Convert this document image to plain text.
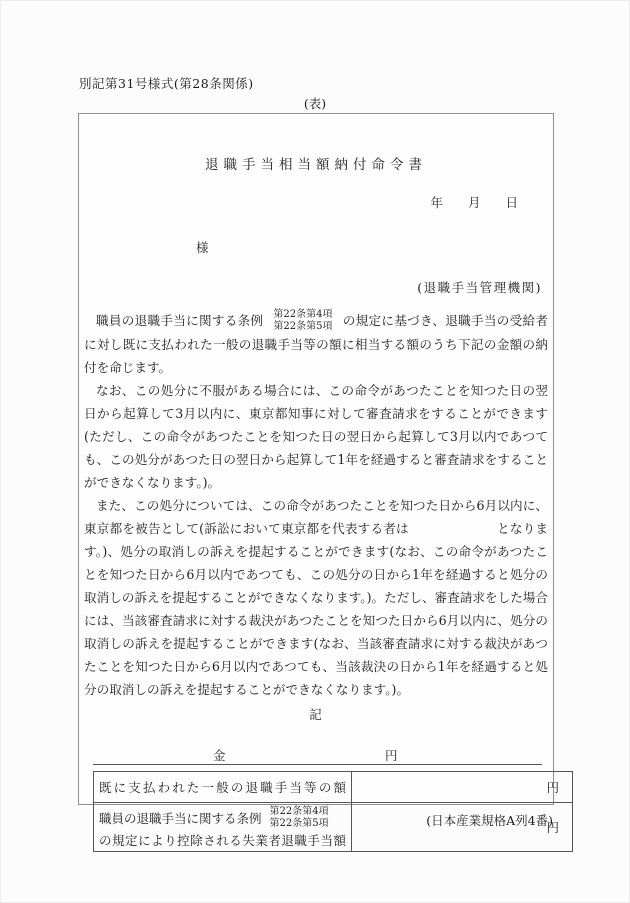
別記第31号様式(第28条関係)
(表)
退職手当相当額納付命令書
年　　月　　日
様
(退職手当管理機関)

職員の退職手当に関する条例 第22条第4項
第22条第5項 の規定に基づき、退職手当の受給者に対し既に支払われた一般の退職手当等の額に相当する額のうち下記の金額の納付を命じます。

なお、この処分に不服がある場合には、この命令があつたことを知つた日の翌日から起算して3月以内に、東京都知事に対して審査請求をすることができます(ただし、この命令があつたことを知つた日の翌日から起算して3月以内であつても、この処分があつた日の翌日から起算して1年を経過すると審査請求をすることができなくなります。)。

また、この処分については、この命令があつたことを知つた日から6月以内に、東京都を被告として(訴訟において東京都を代表する者は	となります。)、処分の取消しの訴えを提起することができます(なお、この命令があつたことを知つた日から6月以内であつても、この処分の日から1年を経過すると処分の取消しの訴えを提起することができなくなります。)。ただし、審査請求をした場合には、当該審査請求に対する裁決があつたことを知つた日から6月以内に、処分の取消しの訴えを提起することができます(なお、当該審査請求に対する裁決があつたことを知つた日から6月以内であつても、当該裁決の日から1年を経過すると処分の取消しの訴えを提起することができなくなります。)。

記
金	円
既に支払われた一般の退職手当等の額	円

職員の退職手当に関する条例 第22条第4項
第22条第5項
の規定により控除される失業者退職手当額	円
(日本産業規格A列4番)
